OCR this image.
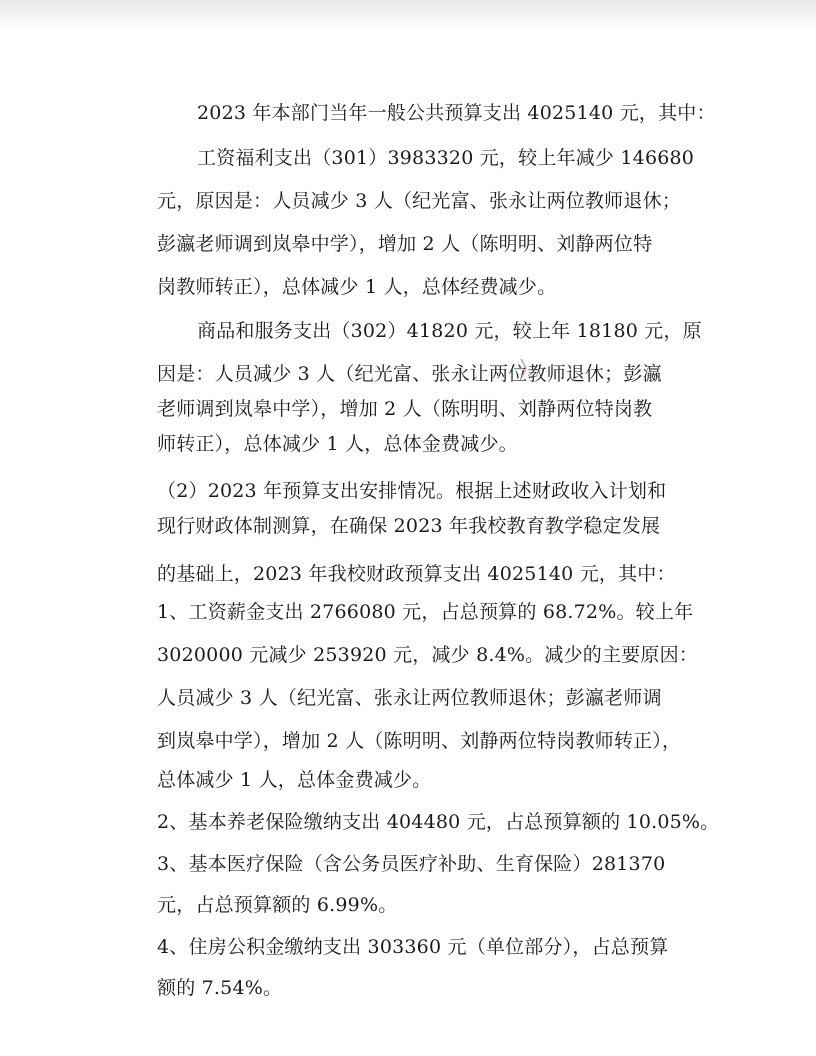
2023 年本部门当年一般公共预算支出 4025140 元，其中：
工资福利支出（301）3983320 元，较上年减少 146680
元，原因是：人员减少 3 人（纪光富、张永让两位教师退休；
彭瀛老师调到岚皋中学），增加 2 人（陈明明、刘静两位特
岗教师转正），总体减少 1 人，总体经费减少。
商品和服务支出（302）41820 元，较上年 18180 元，原
因是：人员减少 3 人（纪光富、张永让两位教师退休；彭瀛
老师调到岚皋中学），增加 2 人（陈明明、刘静两位特岗教
师转正），总体减少 1 人，总体金费减少。
（2）2023 年预算支出安排情况。根据上述财政收入计划和
现行财政体制测算，在确保 2023 年我校教育教学稳定发展
的基础上，2023 年我校财政预算支出 4025140 元，其中：
1、工资薪金支出 2766080 元，占总预算的 68.72%。较上年
3020000 元减少 253920 元，减少 8.4%。减少的主要原因：
人员减少 3 人（纪光富、张永让两位教师退休；彭瀛老师调
到岚皋中学），增加 2 人（陈明明、刘静两位特岗教师转正），
总体减少 1 人，总体金费减少。
2、基本养老保险缴纳支出 404480 元，占总预算额的 10.05%。
3、基本医疗保险（含公务员医疗补助、生育保险）281370
元，占总预算额的 6.99%。
4、住房公积金缴纳支出 303360 元（单位部分），占总预算
额的 7.54%。
